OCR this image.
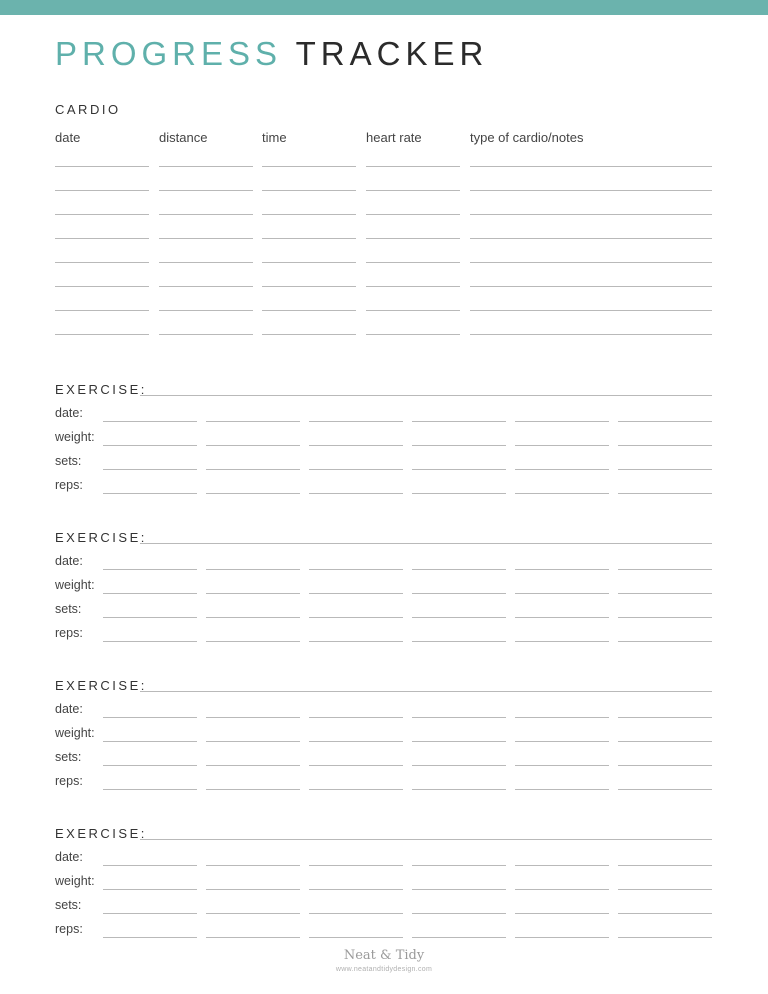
PROGRESS TRACKER
CARDIO
date	distance	time	heart rate	type of cardio/notes
EXERCISE:
date:
weight:
sets:
reps:
EXERCISE:
date:
weight:
sets:
reps:
EXERCISE:
date:
weight:
sets:
reps:
EXERCISE:
date:
weight:
sets:
reps:
Neat & Tidy
www.neatandtidydesign.com
